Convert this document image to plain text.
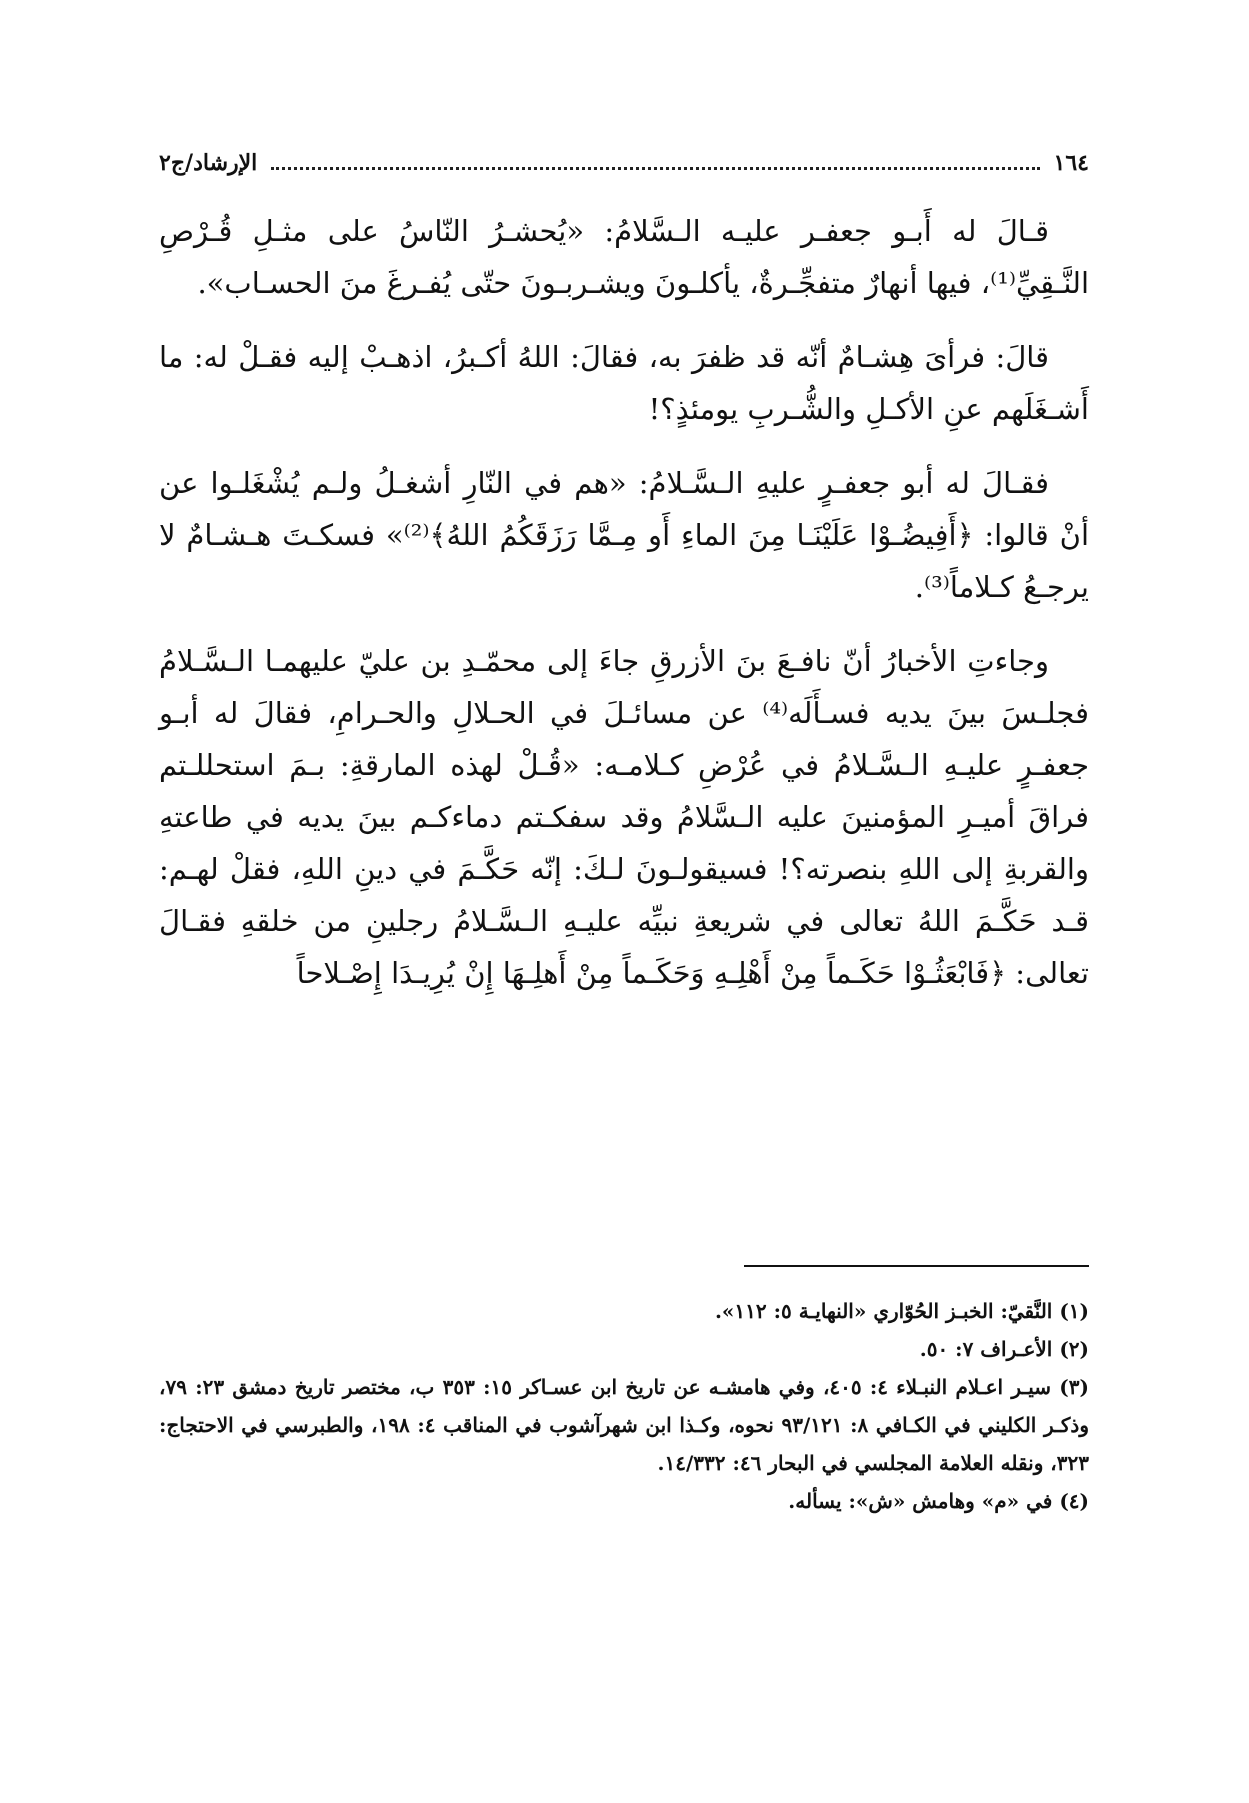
١٦٤
الإرشاد/ج٢

قـالَ له أَبـو جعفـر عليـه الـسَّلامُ: «يُحشـرُ النّاسُ على مثـلِ قُـرْصِ النَّـقِيِّ⁽¹⁾، فيها أنهارٌ متفجِّـرةٌ، يأكلـونَ ويشـربـونَ حتّى يُفـرغَ منَ الحسـاب».

قالَ: فرأىَ هِشـامٌ أنّه قد ظفرَ به، فقالَ: اللهُ أكـبرُ، اذهـبْ إليه فقـلْ له: ما أَشـغَلَهم عنِ الأكـلِ والشُّـربِ يومئذٍ؟!

فقـالَ له أبو جعفـرٍ عليهِ الـسَّـلامُ: «هم في النّارِ أشغـلُ ولـم يُشْغَلـوا عن أنْ قالوا: ﴿أَفِيضُـوْا عَلَيْنَـا مِنَ الماءِ أَو مِـمَّا رَزَقَكُمُ اللهُ﴾⁽²⁾» فسكـتَ هـشـامٌ لا يرجـعُ كـلاماً⁽³⁾.

وجاءتِ الأخبارُ أنّ نافـعَ بنَ الأزرقِ جاءَ إلى محمّـدِ بن عليّ عليهمـا الـسَّـلامُ فجلـسَ بينَ يديه فسـأَلَه⁽⁴⁾ عن مسائـلَ في الحـلالِ والحـرامِ، فقالَ له أبـو جعفـرٍ عليـهِ الـسَّـلامُ في عُرْضِ كـلامـه: «قُـلْ لهذه المارقةِ: بـمَ استحللـتم فراقَ أميـرِ المؤمنينَ عليه الـسَّلامُ وقد سفكـتم دماءكـم بينَ يديه في طاعتهِ والقربةِ إلى اللهِ بنصرته؟! فسيقولـونَ لـكَ: إنّه حَكَّـمَ في دينِ اللهِ، فقلْ لهـم: قـد حَكَّـمَ اللهُ تعالى في شريعةِ نبيِّه عليـهِ الـسَّـلامُ رجلينِ من خلقهِ فقـالَ تعالى: ﴿فَابْعَثُـوْا حَكَـماً مِنْ أَهْلِـهِ وَحَكَـماً مِنْ أَهلِـهَا إِنْ يُرِيـدَا إِصْـلاحاً

(١) النَّقيّ: الخبـز الحُوّاري «النهايـة ٥: ١١٢».

(٢) الأعـراف ٧: ٥٠.

(٣) سيـر اعـلام النبـلاء ٤: ٤٠٥، وفي هامشـه عن تاريخ ابن عسـاكر ١٥: ٣٥٣ ب، مختصر تاريخ دمشق ٢٣: ٧٩، وذكـر الكليني في الكـافي ٨: ٩٣/١٢١ نحوه، وكـذا ابن شهرآشوب في المناقب ٤: ١٩٨، والطبرسي في الاحتجاج: ٣٢٣، ونقله العلامة المجلسي في البحار ٤٦: ١٤/٣٣٢.

(٤) في «م» وهامش «ش»: يسأله.
